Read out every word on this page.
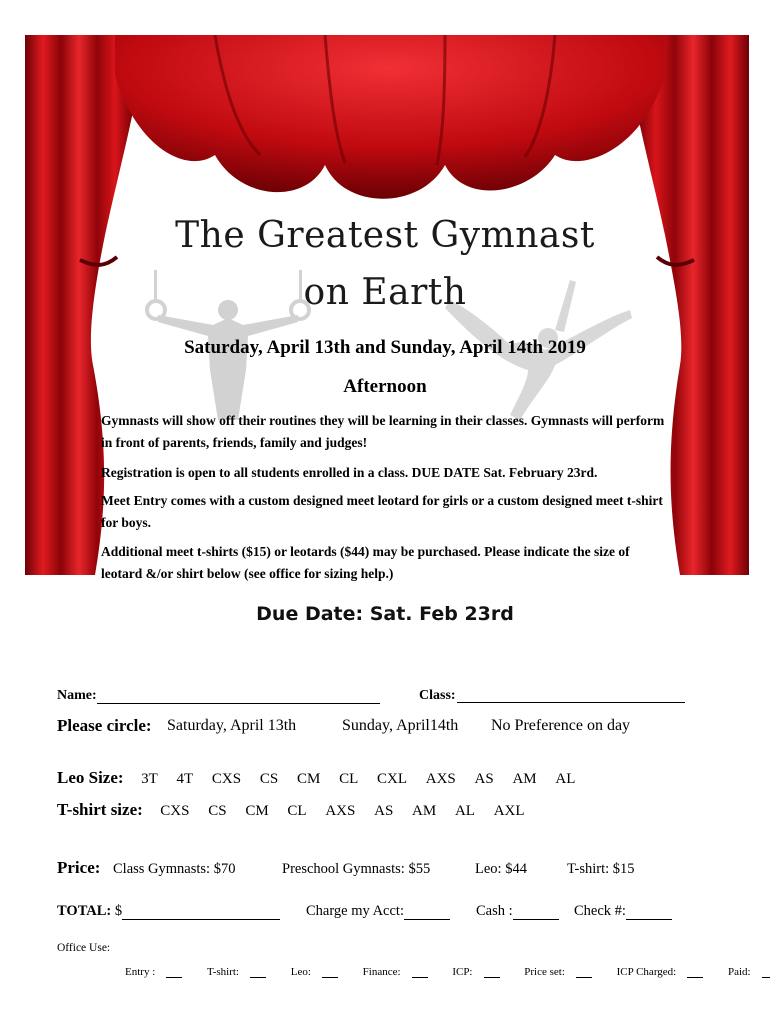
The Greatest Gymnast
on Earth
Saturday, April 13th and Sunday, April 14th 2019
Afternoon
Gymnasts will show off their routines they will be learning in their classes. Gymnasts will perform in front of parents, friends, family and judges!
Registration is open to all students enrolled in a class. DUE DATE Sat. February 23rd.
Meet Entry comes with a custom designed meet leotard for girls or a custom designed meet t-shirt for boys.
Additional meet t-shirts ($15) or leotards ($44) may be purchased. Please indicate the size of leotard &/or shirt below (see office for sizing help.)
Due Date: Sat. Feb 23rd
Name:	Class:
Please circle: Saturday, April 13th	Sunday, April14th No Preference on day
Leo Size: 3T 4T CXS CS CM CL CXL AXS AS AM AL
T-shirt size: CXS CS CM CL AXS AS AM AL AXL
Price: Class Gymnasts: $70	Preschool Gymnasts: $55	Leo: $44	T-shirt: $15
TOTAL: $	Charge my Acct:	Cash :	Check #:
Office Use:
Entry :	T-shirt:	Leo:	Finance:	ICP:	Price set:	ICP Charged:	Paid:
